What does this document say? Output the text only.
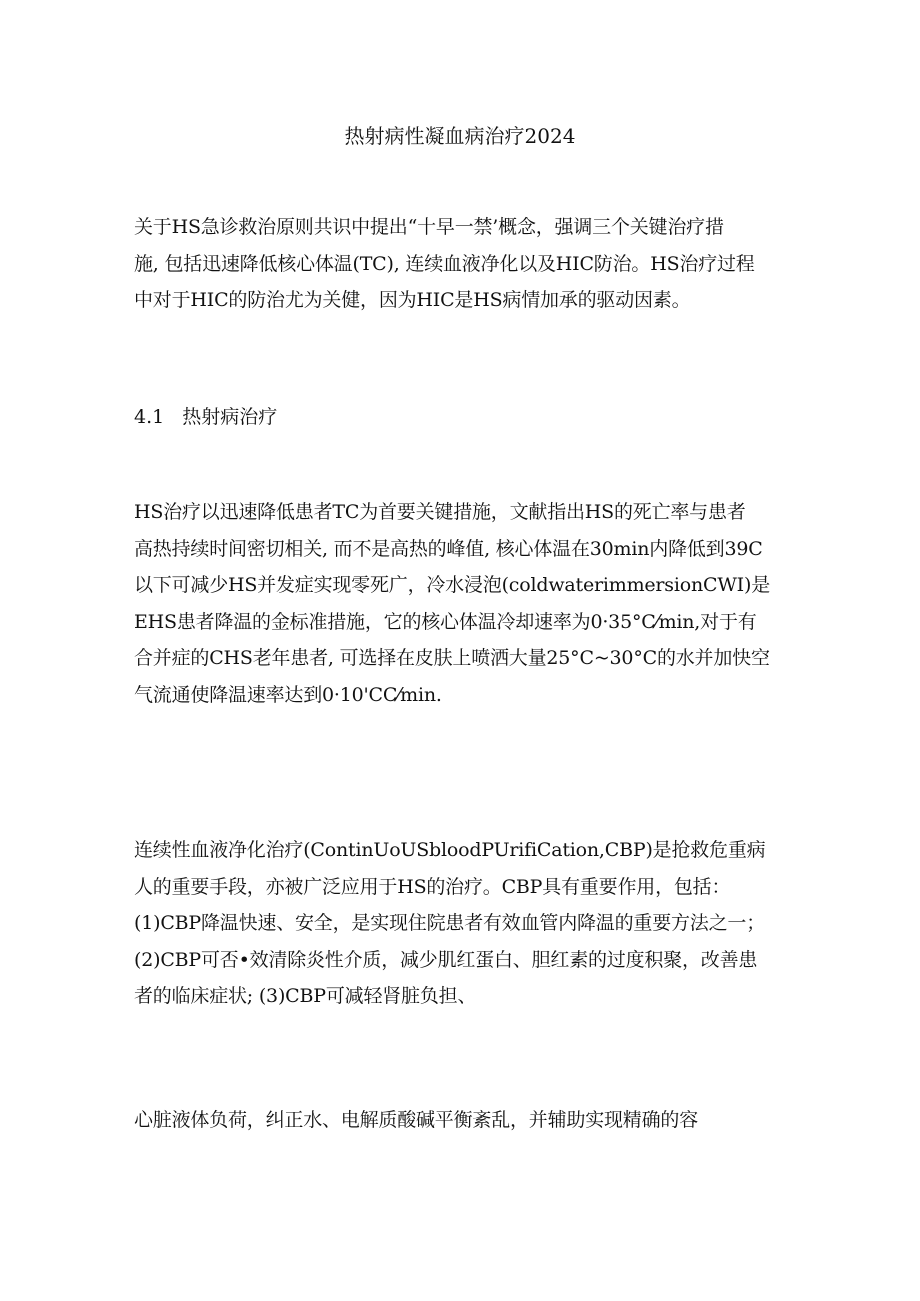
热射病性凝血病治疗2024
关于HS急诊救治原则共识中提出“十早一禁’概念，强调三个关键治疗措
施, 包括迅速降低核心体温(TC), 连续血液净化以及HIC防治。HS治疗过程
中对于HIC的防治尤为关健，因为HIC是HS病情加承的驱动因素。
4.1 热射病治疗
HS治疗以迅速降低患者TC为首要关键措施，文献指出HS的死亡率与患者
高热持续时间密切相关, 而不是高热的峰值, 核心体温在30min内降低到39C
以下可减少HS并发症实现零死广，冷水浸泡(coldwaterimmersionCWI)是
EHS患者降温的金标准措施，它的核心体温冷却速率为0·35°C⁄min,对于有
合并症的CHS老年患者, 可选择在皮肤上喷洒大量25°C~30°C的水并加快空
气流通使降温速率达到0·10'CC⁄min.
连续性血液净化治疗(ContinUoUSbloodPUrifiCation,CBP)是抢救危重病
人的重要手段，亦被广泛应用于HS的治疗。CBP具有重要作用，包括：
(1)CBP降温快速、安全，是实现住院患者有效血管内降温的重要方法之一；
(2)CBP可否•效清除炎性介质，减少肌红蛋白、胆红素的过度积聚，改善患
者的临床症状; (3)CBP可减轻肾脏负担、
心脏液体负荷，纠正水、电解质酸碱平衡紊乱，并辅助实现精确的容
